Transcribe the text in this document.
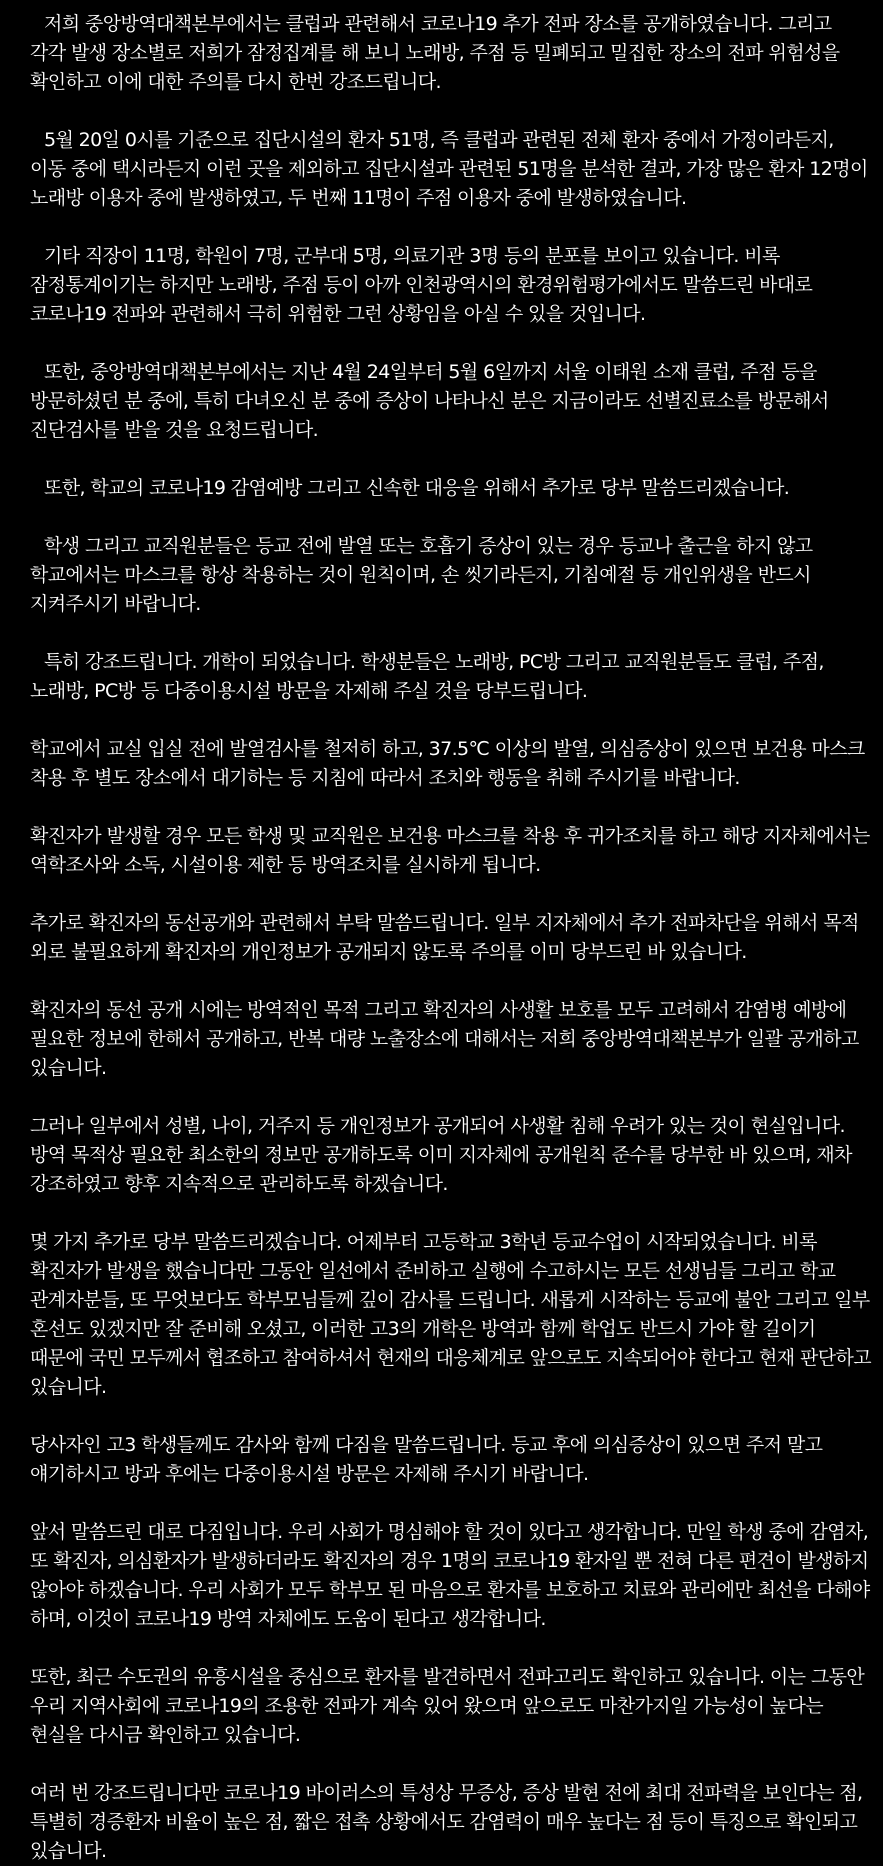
저희 중앙방역대책본부에서는 클럽과 관련해서 코로나19 추가 전파 장소를 공개하였습니다. 그리고 각각 발생 장소별로 저희가 잠정집계를 해 보니 노래방, 주점 등 밀폐되고 밀집한 장소의 전파 위험성을 확인하고 이에 대한 주의를 다시 한번 강조드립니다.

5월 20일 0시를 기준으로 집단시설의 환자 51명, 즉 클럽과 관련된 전체 환자 중에서 가정이라든지, 이동 중에 택시라든지 이런 곳을 제외하고 집단시설과 관련된 51명을 분석한 결과, 가장 많은 환자 12명이 노래방 이용자 중에 발생하였고, 두 번째 11명이 주점 이용자 중에 발생하였습니다.

기타 직장이 11명, 학원이 7명, 군부대 5명, 의료기관 3명 등의 분포를 보이고 있습니다. 비록 잠정통계이기는 하지만 노래방, 주점 등이 아까 인천광역시의 환경위험평가에서도 말씀드린 바대로 코로나19 전파와 관련해서 극히 위험한 그런 상황임을 아실 수 있을 것입니다.

또한, 중앙방역대책본부에서는 지난 4월 24일부터 5월 6일까지 서울 이태원 소재 클럽, 주점 등을 방문하셨던 분 중에, 특히 다녀오신 분 중에 증상이 나타나신 분은 지금이라도 선별진료소를 방문해서 진단검사를 받을 것을 요청드립니다.

또한, 학교의 코로나19 감염예방 그리고 신속한 대응을 위해서 추가로 당부 말씀드리겠습니다.

학생 그리고 교직원분들은 등교 전에 발열 또는 호흡기 증상이 있는 경우 등교나 출근을 하지 않고 학교에서는 마스크를 항상 착용하는 것이 원칙이며, 손 씻기라든지, 기침예절 등 개인위생을 반드시 지켜주시기 바랍니다.

특히 강조드립니다. 개학이 되었습니다. 학생분들은 노래방, PC방 그리고 교직원분들도 클럽, 주점, 노래방, PC방 등 다중이용시설 방문을 자제해 주실 것을 당부드립니다.

학교에서 교실 입실 전에 발열검사를 철저히 하고, 37.5℃ 이상의 발열, 의심증상이 있으면 보건용 마스크 착용 후 별도 장소에서 대기하는 등 지침에 따라서 조치와 행동을 취해 주시기를 바랍니다.

확진자가 발생할 경우 모든 학생 및 교직원은 보건용 마스크를 착용 후 귀가조치를 하고 해당 지자체에서는 역학조사와 소독, 시설이용 제한 등 방역조치를 실시하게 됩니다.

추가로 확진자의 동선공개와 관련해서 부탁 말씀드립니다. 일부 지자체에서 추가 전파차단을 위해서 목적 외로 불필요하게 확진자의 개인정보가 공개되지 않도록 주의를 이미 당부드린 바 있습니다.

확진자의 동선 공개 시에는 방역적인 목적 그리고 확진자의 사생활 보호를 모두 고려해서 감염병 예방에 필요한 정보에 한해서 공개하고, 반복 대량 노출장소에 대해서는 저희 중앙방역대책본부가 일괄 공개하고 있습니다.

그러나 일부에서 성별, 나이, 거주지 등 개인정보가 공개되어 사생활 침해 우려가 있는 것이 현실입니다. 방역 목적상 필요한 최소한의 정보만 공개하도록 이미 지자체에 공개원칙 준수를 당부한 바 있으며, 재차 강조하였고 향후 지속적으로 관리하도록 하겠습니다.

몇 가지 추가로 당부 말씀드리겠습니다. 어제부터 고등학교 3학년 등교수업이 시작되었습니다. 비록 확진자가 발생을 했습니다만 그동안 일선에서 준비하고 실행에 수고하시는 모든 선생님들 그리고 학교 관계자분들, 또 무엇보다도 학부모님들께 깊이 감사를 드립니다. 새롭게 시작하는 등교에 불안 그리고 일부 혼선도 있겠지만 잘 준비해 오셨고, 이러한 고3의 개학은 방역과 함께 학업도 반드시 가야 할 길이기 때문에 국민 모두께서 협조하고 참여하셔서 현재의 대응체계로 앞으로도 지속되어야 한다고 현재 판단하고 있습니다.

당사자인 고3 학생들께도 감사와 함께 다짐을 말씀드립니다. 등교 후에 의심증상이 있으면 주저 말고 얘기하시고 방과 후에는 다중이용시설 방문은 자제해 주시기 바랍니다.

앞서 말씀드린 대로 다짐입니다. 우리 사회가 명심해야 할 것이 있다고 생각합니다. 만일 학생 중에 감염자, 또 확진자, 의심환자가 발생하더라도 확진자의 경우 1명의 코로나19 환자일 뿐 전혀 다른 편견이 발생하지 않아야 하겠습니다. 우리 사회가 모두 학부모 된 마음으로 환자를 보호하고 치료와 관리에만 최선을 다해야 하며, 이것이 코로나19 방역 자체에도 도움이 된다고 생각합니다.

또한, 최근 수도권의 유흥시설을 중심으로 환자를 발견하면서 전파고리도 확인하고 있습니다. 이는 그동안 우리 지역사회에 코로나19의 조용한 전파가 계속 있어 왔으며 앞으로도 마찬가지일 가능성이 높다는 현실을 다시금 확인하고 있습니다.

여러 번 강조드립니다만 코로나19 바이러스의 특성상 무증상, 증상 발현 전에 최대 전파력을 보인다는 점, 특별히 경증환자 비율이 높은 점, 짧은 접촉 상황에서도 감염력이 매우 높다는 점 등이 특징으로 확인되고 있습니다.
